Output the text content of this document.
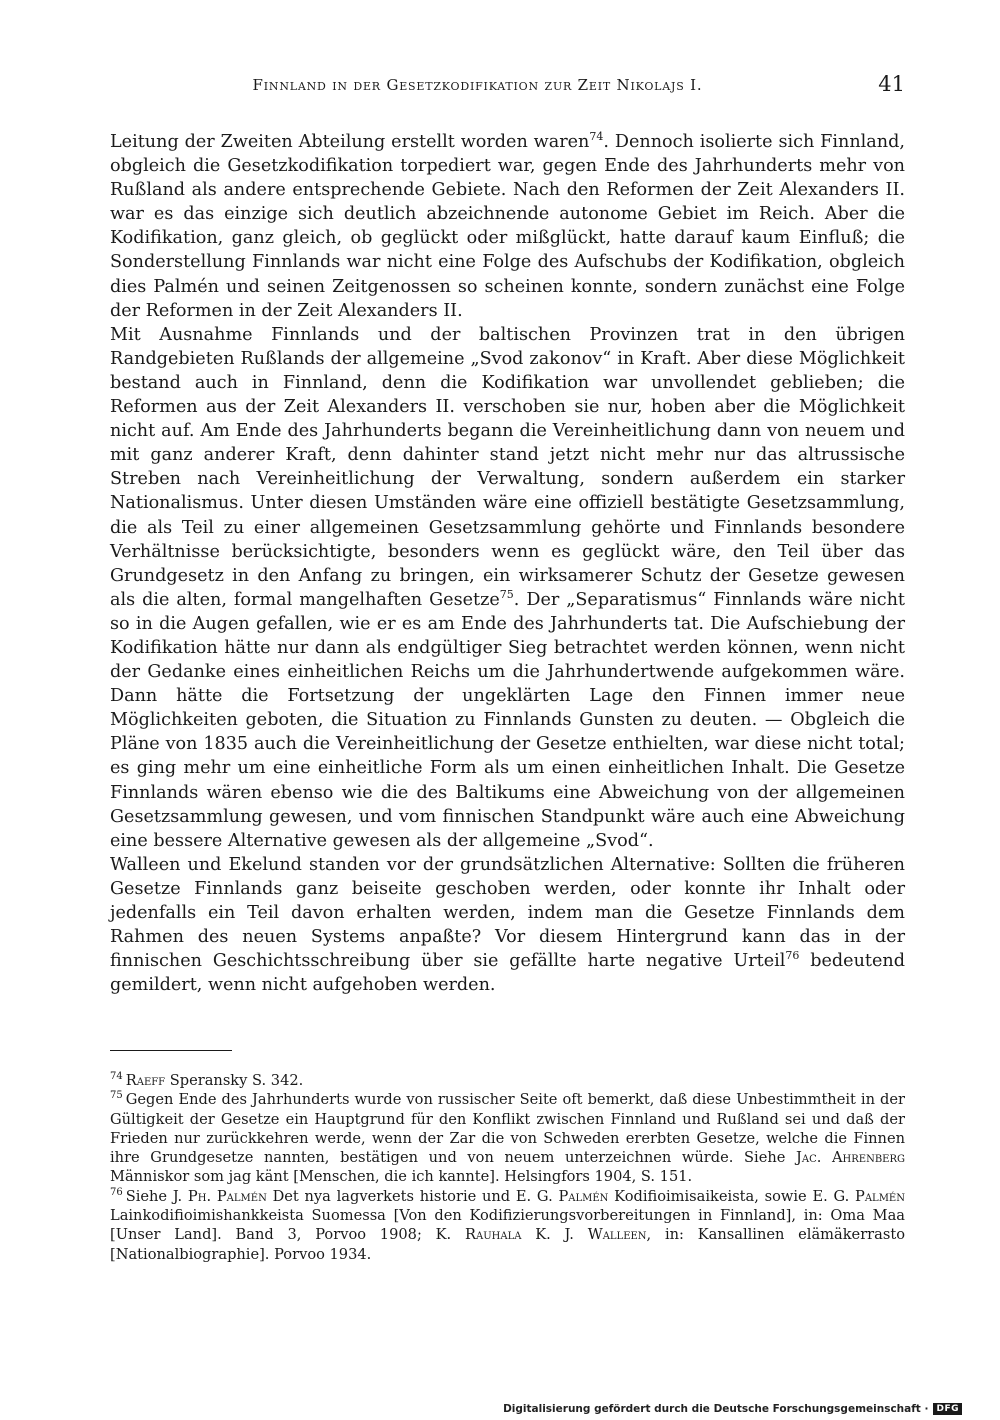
Finnland in der Gesetzkodifikation zur Zeit Nikolajs I.	41

Leitung der Zweiten Abteilung erstellt worden waren$^{74}$. Dennoch isolierte sich Finnland, obgleich die Gesetzkodifikation torpediert war, gegen Ende des Jahrhunderts mehr von Rußland als andere entsprechende Gebiete. Nach den Reformen der Zeit Alexanders II. war es das einzige sich deutlich abzeichnende autonome Gebiet im Reich. Aber die Kodifikation, ganz gleich, ob geglückt oder mißglückt, hatte darauf kaum Einfluß; die Sonderstellung Finnlands war nicht eine Folge des Aufschubs der Kodifikation, obgleich dies Palmén und seinen Zeitgenossen so scheinen konnte, sondern zunächst eine Folge der Reformen in der Zeit Alexanders II.

Mit Ausnahme Finnlands und der baltischen Provinzen trat in den übrigen Randgebieten Rußlands der allgemeine „Svod zakonov“ in Kraft. Aber diese Möglichkeit bestand auch in Finnland, denn die Kodifikation war unvollendet geblieben; die Reformen aus der Zeit Alexanders II. verschoben sie nur, hoben aber die Möglichkeit nicht auf. Am Ende des Jahrhunderts begann die Vereinheitlichung dann von neuem und mit ganz anderer Kraft, denn dahinter stand jetzt nicht mehr nur das altrussische Streben nach Vereinheitlichung der Verwaltung, sondern außerdem ein starker Nationalismus. Unter diesen Umständen wäre eine offiziell bestätigte Gesetzsammlung, die als Teil zu einer allgemeinen Gesetzsammlung gehörte und Finnlands besondere Verhältnisse berücksichtigte, besonders wenn es geglückt wäre, den Teil über das Grundgesetz in den Anfang zu bringen, ein wirksamerer Schutz der Gesetze gewesen als die alten, formal mangelhaften Gesetze$^{75}$. Der „Separatismus“ Finnlands wäre nicht so in die Augen gefallen, wie er es am Ende des Jahrhunderts tat. Die Aufschiebung der Kodifikation hätte nur dann als endgültiger Sieg betrachtet werden können, wenn nicht der Gedanke eines einheitlichen Reichs um die Jahrhundertwende aufgekommen wäre. Dann hätte die Fortsetzung der ungeklärten Lage den Finnen immer neue Möglichkeiten geboten, die Situation zu Finnlands Gunsten zu deuten. — Obgleich die Pläne von 1835 auch die Vereinheitlichung der Gesetze enthielten, war diese nicht total; es ging mehr um eine einheitliche Form als um einen einheitlichen Inhalt. Die Gesetze Finnlands wären ebenso wie die des Baltikums eine Abweichung von der allgemeinen Gesetzsammlung gewesen, und vom finnischen Standpunkt wäre auch eine Abweichung eine bessere Alternative gewesen als der allgemeine „Svod“.

Walleen und Ekelund standen vor der grundsätzlichen Alternative: Sollten die früheren Gesetze Finnlands ganz beiseite geschoben werden, oder konnte ihr Inhalt oder jedenfalls ein Teil davon erhalten werden, indem man die Gesetze Finnlands dem Rahmen des neuen Systems anpaßte? Vor diesem Hintergrund kann das in der finnischen Geschichtsschreibung über sie gefällte harte negative Urteil$^{76}$ bedeutend gemildert, wenn nicht aufgehoben werden.

$^{74}$ Raeff Speransky S. 342.

$^{75}$ Gegen Ende des Jahrhunderts wurde von russischer Seite oft bemerkt, daß diese Unbestimmtheit in der Gültigkeit der Gesetze ein Hauptgrund für den Konflikt zwischen Finnland und Rußland sei und daß der Frieden nur zurückkehren werde, wenn der Zar die von Schweden ererbten Gesetze, welche die Finnen ihre Grundgesetze nannten, bestätigen und von neuem unterzeichnen würde. Siehe Jac. Ahrenberg Människor som jag känt [Menschen, die ich kannte]. Helsingfors 1904, S. 151.

$^{76}$ Siehe J. Ph. Palmén Det nya lagverkets historie und E. G. Palmén Kodifioimisaikeista, sowie E. G. Palmén Lainkodifioimishankkeista Suomessa [Von den Kodifizierungsvorbereitungen in Finnland], in: Oma Maa [Unser Land]. Band 3, Porvoo 1908; K. Rauhala K. J. Walleen, in: Kansallinen elämäkerrasto [Nationalbiographie]. Porvoo 1934.

Digitalisierung gefördert durch die Deutsche Forschungsgemeinschaft · DFG
